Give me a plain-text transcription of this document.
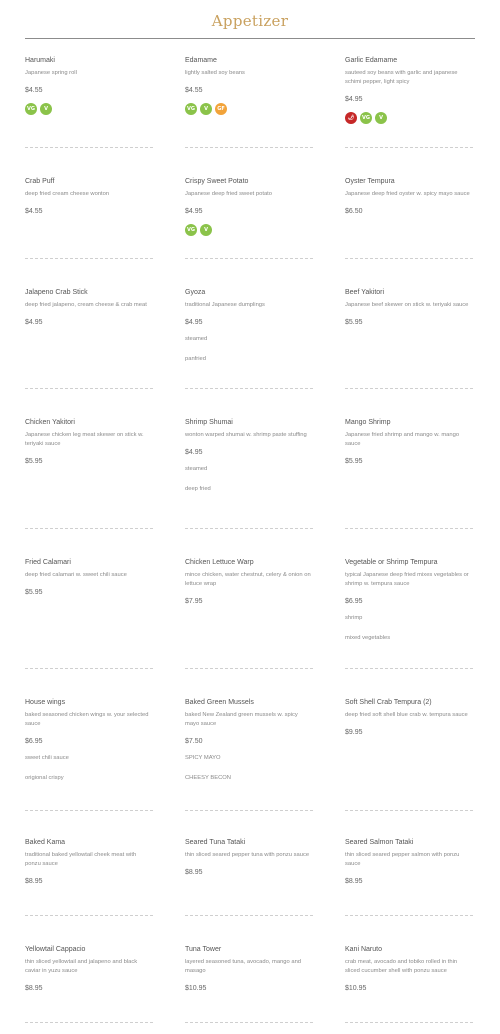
Appetizer
Harumaki
Japanese spring roll
$4.55
VG	V
Edamame
lightly salted soy beans
$4.55
VG	V	GF
Garlic Edamame
sauteed soy beans with garlic and japanese schimi pepper, light spicy
$4.95
🌶	VG	V
Crab Puff
deep fried cream cheese wonton
$4.55
Crispy Sweet Potato
Japanese deep fried sweet potato
$4.95
VG	V
Oyster Tempura
Japanese deep fried oyster w. spicy mayo sauce
$6.50
Jalapeno Crab Stick
deep fried jalapeno, cream cheese & crab meat
$4.95
Gyoza
traditional Japanese dumplings
$4.95
steamed
panfried
Beef Yakitori
Japanese beef skewer on stick w. teriyaki sauce
$5.95
Chicken Yakitori
Japanese chicken leg meat skewer on stick w. teriyaki sauce
$5.95
Shrimp Shumai
wonton warped shumai w. shrimp paste stuffing
$4.95
steamed
deep fried
Mango Shrimp
Japanese fried shrimp and mango w. mango sauce
$5.95
Fried Calamari
deep fried calamari w. sweet chili sauce
$5.95
Chicken Lettuce Warp
mince chicken, water chestnut, celery & onion on lettuce wrap
$7.95
Vegetable or Shrimp Tempura
typical Japanese deep fried mixes vegetables or shrimp w. tempura sauce
$6.95
shrimp
mixed vegetables
House wings
baked seasoned chicken wings w. your selected sauce
$6.95
sweet chili sauce
origional crispy
Baked Green Mussels
baked New Zealand green mussels w. spicy mayo sauce
$7.50
SPICY MAYO
CHEESY BECON
Soft Shell Crab Tempura (2)
deep fried soft shell blue crab w. tempura sauce
$9.95
Baked Kama
traditional baked yellowtail cheek meat with ponzu sauce
$8.95
Seared Tuna Tataki
thin sliced seared pepper tuna with ponzu sauce
$8.95
Seared Salmon Tataki
thin sliced seared pepper salmon with ponzu sauce
$8.95
Yellowtail Cappacio
thin sliced yellowtail and jalapeno and black caviar in yuzu sauce
$8.95
Tuna Tower
layered seasoned tuna, avocado, mango and masago
$10.95
Kani Naruto
crab meat, avocado and tobiko rolled in thin sliced cucumber shell with ponzu sauce
$10.95
